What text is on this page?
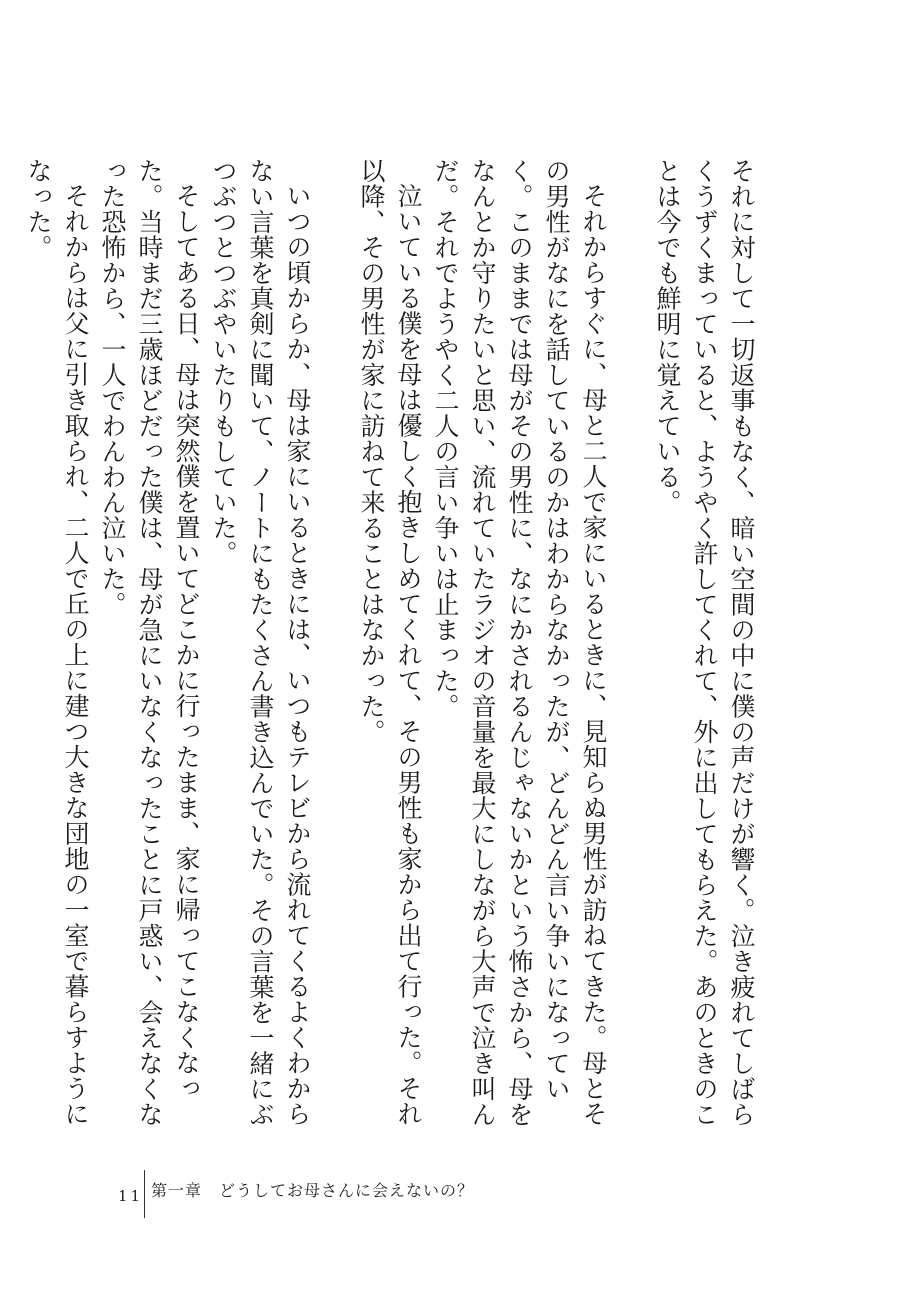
それに対して一切返事もなく、暗い空間の中に僕の声だけが響く。泣き疲れてしばらくうずくまっていると、ようやく許してくれて、外に出してもらえた。あのときのことは今でも鮮明に覚えている。

それからすぐに、母と二人で家にいるときに、見知らぬ男性が訪ねてきた。母とその男性がなにを話しているのかはわからなかったが、どんどん言い争いになっていく。このままでは母がその男性に、なにかされるんじゃないかという怖さから、母をなんとか守りたいと思い、流れていたラジオの音量を最大にしながら大声で泣き叫んだ。それでようやく二人の言い争いは止まった。

泣いている僕を母は優しく抱きしめてくれて、その男性も家から出て行った。それ以降、その男性が家に訪ねて来ることはなかった。

いつの頃からか、母は家にいるときには、いつもテレビから流れてくるよくわからない言葉を真剣に聞いて、ノートにもたくさん書き込んでいた。その言葉を一緒にぶつぶつとつぶやいたりもしていた。

そしてある日、母は突然僕を置いてどこかに行ったまま、家に帰ってこなくなった。当時まだ三歳ほどだった僕は、母が急にいなくなったことに戸惑い、会えなくなった恐怖から、一人でわんわん泣いた。

それからは父に引き取られ、二人で丘の上に建つ大きな団地の一室で暮らすようになった。

11 第一章　どうしてお母さんに会えないの？
